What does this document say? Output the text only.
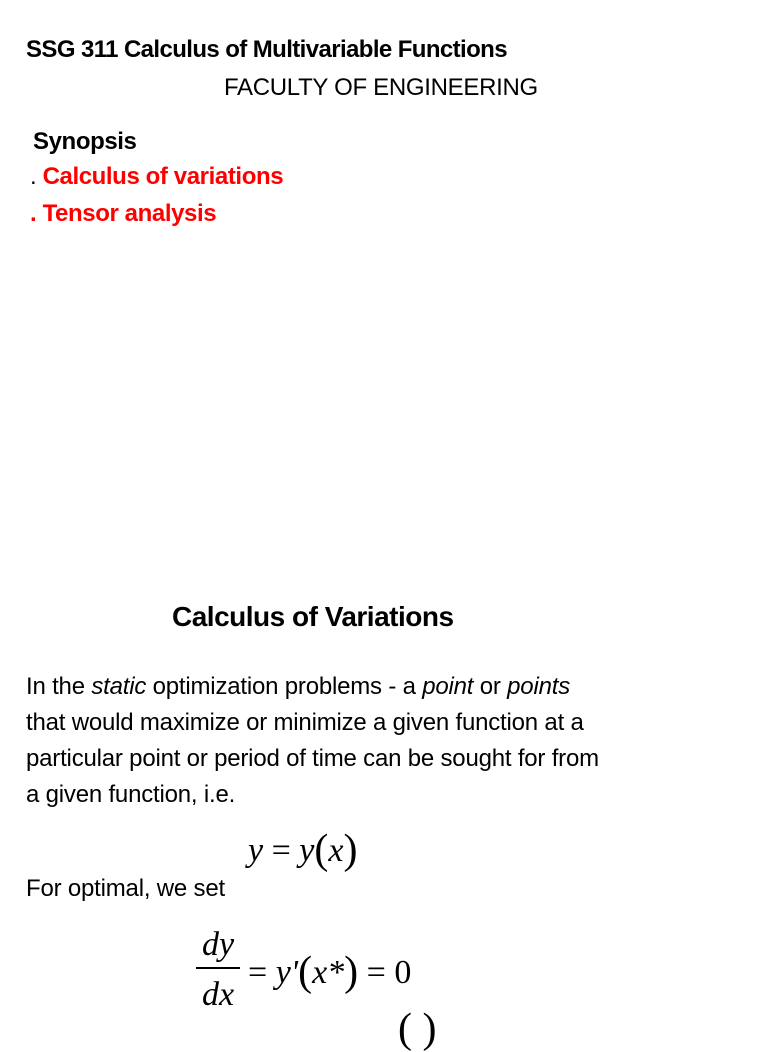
SSG 311 Calculus of Multivariable Functions
FACULTY OF ENGINEERING
Synopsis
. Calculus of variations
. Tensor analysis
Calculus of Variations
In the static optimization problems - a point or points
that would maximize or minimize a given function at a
particular point or period of time can be sought for from
a given function, i.e.
y = y(x)
For optimal, we set
$\frac{dy}{dx} = y'(x*) = 0$
( )
